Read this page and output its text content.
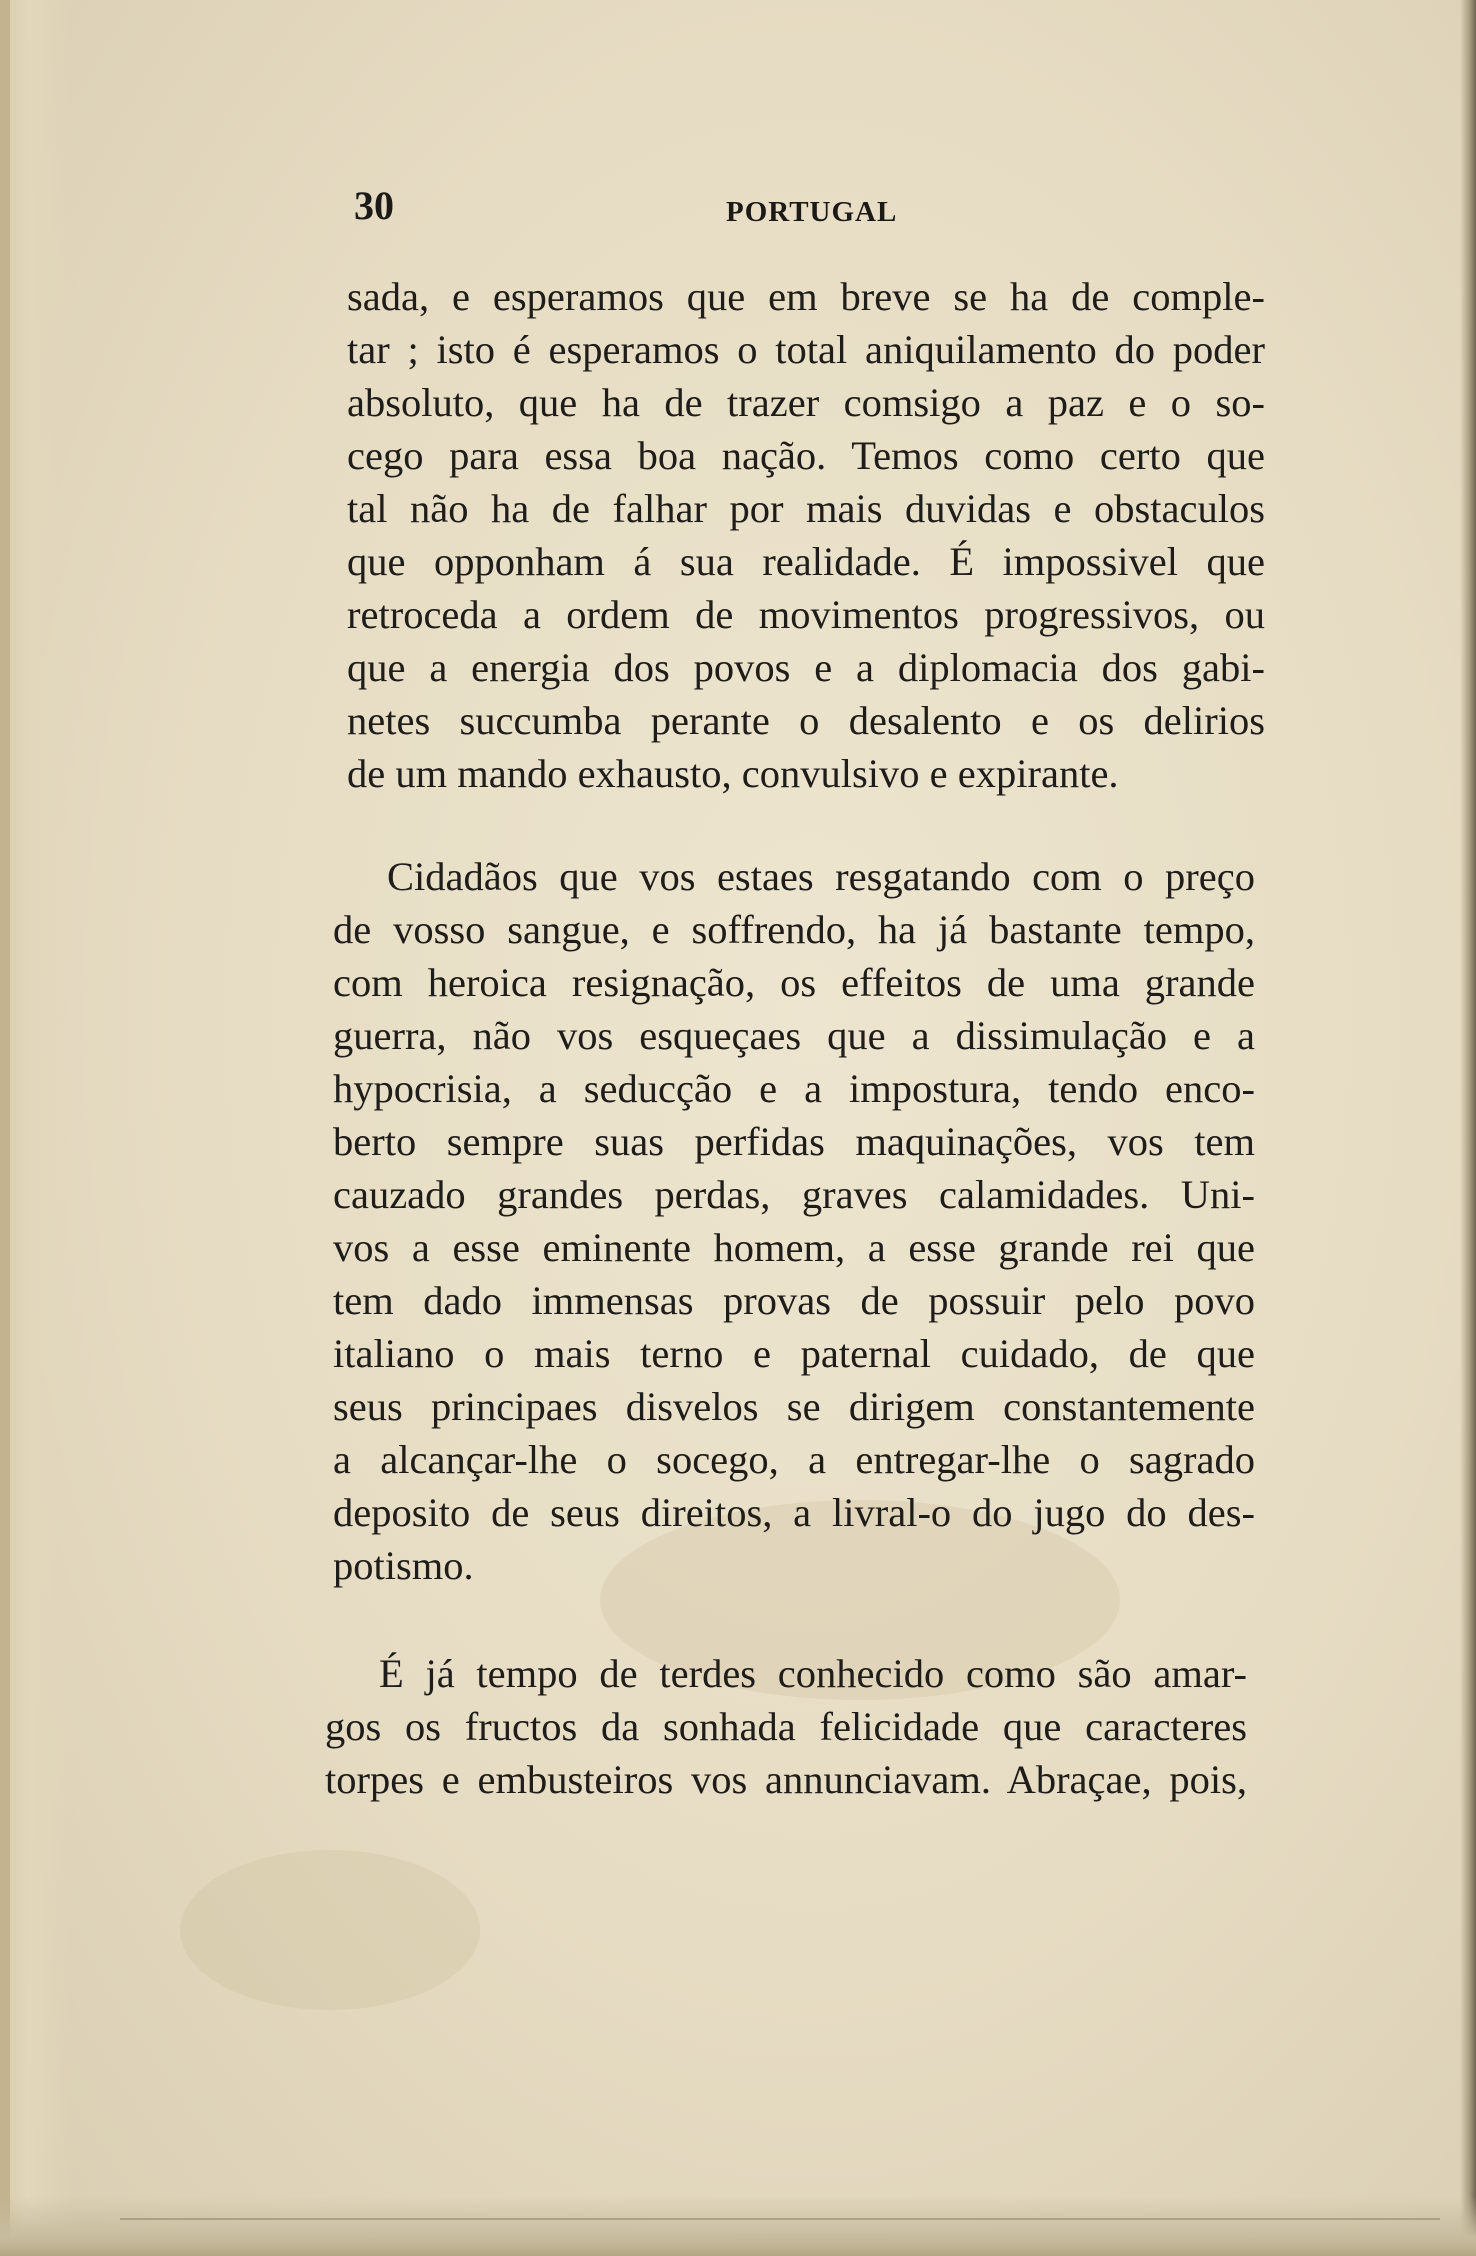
30	PORTUGAL
sada, e esperamos que em breve se ha de comple-
tar ; isto é esperamos o total aniquilamento do poder
absoluto, que ha de trazer comsigo a paz e o so-
cego para essa boa nação. Temos como certo que
tal não ha de falhar por mais duvidas e obstaculos
que opponham á sua realidade. É impossivel que
retroceda a ordem de movimentos progressivos, ou
que a energia dos povos e a diplomacia dos gabi-
netes succumba perante o desalento e os delirios
de um mando exhausto, convulsivo e expirante.
Cidadãos que vos estaes resgatando com o preço
de vosso sangue, e soffrendo, ha já bastante tempo,
com heroica resignação, os effeitos de uma grande
guerra, não vos esqueçaes que a dissimulação e a
hypocrisia, a seducção e a impostura, tendo enco-
berto sempre suas perfidas maquinações, vos tem
cauzado grandes perdas, graves calamidades. Uni-
vos a esse eminente homem, a esse grande rei que
tem dado immensas provas de possuir pelo povo
italiano o mais terno e paternal cuidado, de que
seus principaes disvelos se dirigem constantemente
a alcançar-lhe o socego, a entregar-lhe o sagrado
deposito de seus direitos, a livral-o do jugo do des-
potismo.
É já tempo de terdes conhecido como são amar-
gos os fructos da sonhada felicidade que caracteres
torpes e embusteiros vos annunciavam. Abraçae, pois,
